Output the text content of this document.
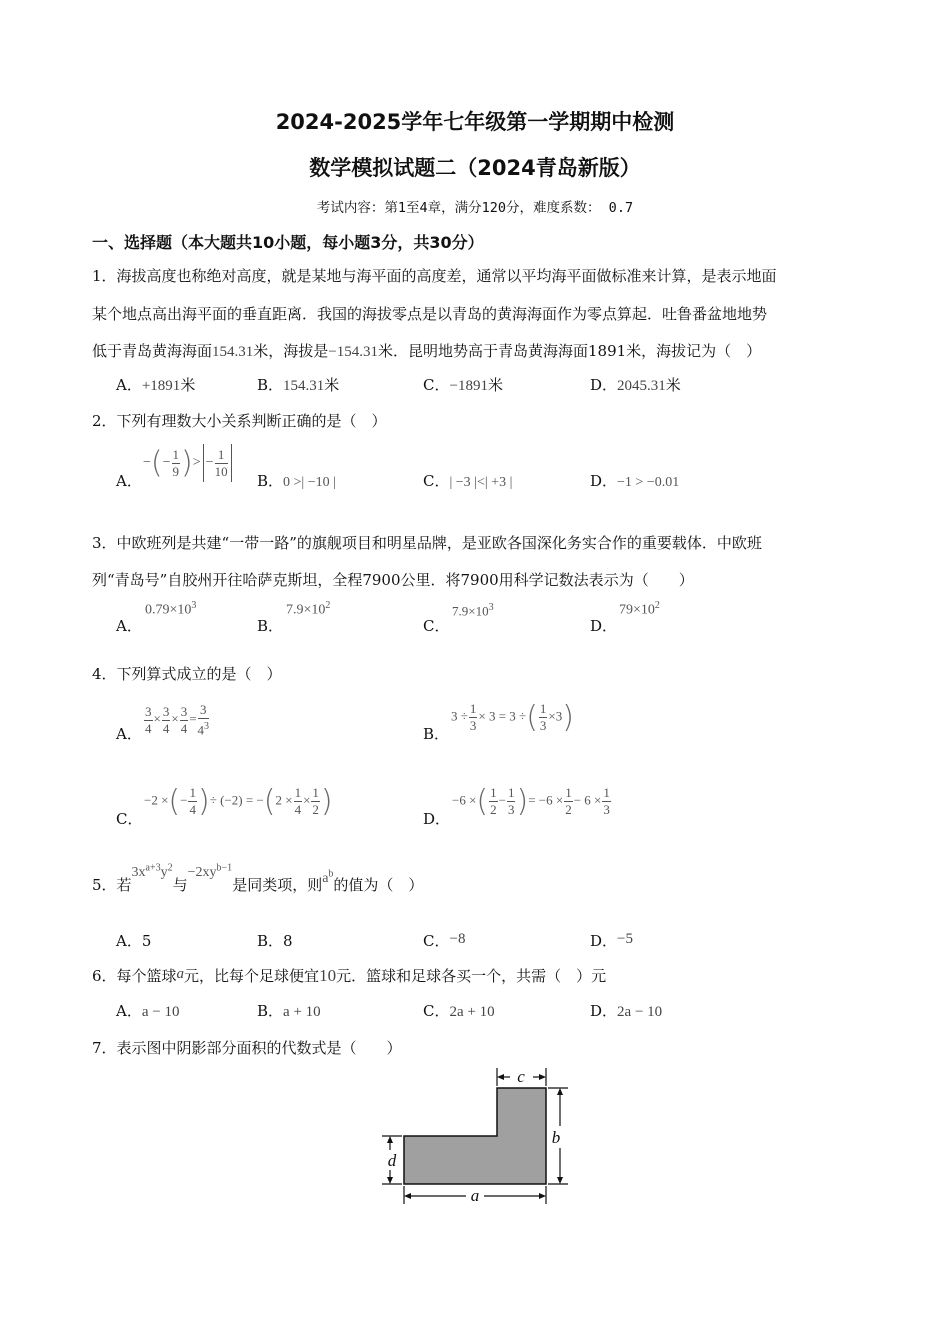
2024-2025学年七年级第一学期期中检测
数学模拟试题二（2024青岛新版）
考试内容：第1至4章，满分120分，难度系数： 0.7
一、选择题（本大题共10小题，每小题3分，共30分）
1．海拔高度也称绝对高度，就是某地与海平面的高度差，通常以平均海平面做标准来计算，是表示地面
某个地点高出海平面的垂直距离．我国的海拔零点是以青岛的黄海海面作为零点算起．吐鲁番盆地地势
低于青岛黄海海面154.31米，海拔是−154.31米．昆明地势高于青岛黄海海面1891米，海拔记为（　）
A．+1891米	B．154.31米	C．−1891米	D．2045.31米
2．下列有理数大小关系判断正确的是（　）
A．
−(− $\frac{1}{9}$ )> − $\frac{1}{10}$
B．0 >| −10 |	C．| −3 |<| +3 |	D．−1 > −0.01
3．中欧班列是共建“一带一路”的旗舰项目和明星品牌，是亚欧各国深化务实合作的重要载体．中欧班
列“青岛号”自胶州开往哈萨克斯坦，全程7900公里．将7900用科学记数法表示为（　　）
A．
$0.79\times 10^3$
B．
$7.9\times 10^2$
C．
$7.9\times 10^3$
D．
$79\times 10^2$
4．下列算式成立的是（　）
A． $\frac{3}{4} \times \frac{3}{4} \times \frac{3}{4} = \frac{3}{4^3}$	B．
$3 \div \frac{1}{3} \times 3 = 3$ ÷( $\frac{1}{3} \times 3$)
C．
−2 ×(− $\frac{1}{4}$ )÷ $(-2) = -(2 \times \frac{1}{4} \times \frac{1}{2}$ )	D．
−6 ×( $\frac{1}{2} - \frac{1}{3}$ )= $-6 \times \frac{1}{2} - 6 \times \frac{1}{3}$
5．若$3x^{a+3}y^2$与$-2xy^{b-1}$是同类项，则$a^b$的值为（　）
A．5	B．8	C．−8	D．−5
6．每个篮球a元，比每个足球便宜10元．篮球和足球各买一个，共需（　）元
A．a − 10	B．a + 10	C．2a + 10	D．2a − 10
7．表示图中阴影部分面积的代数式是（　　）
c
b
d
a
